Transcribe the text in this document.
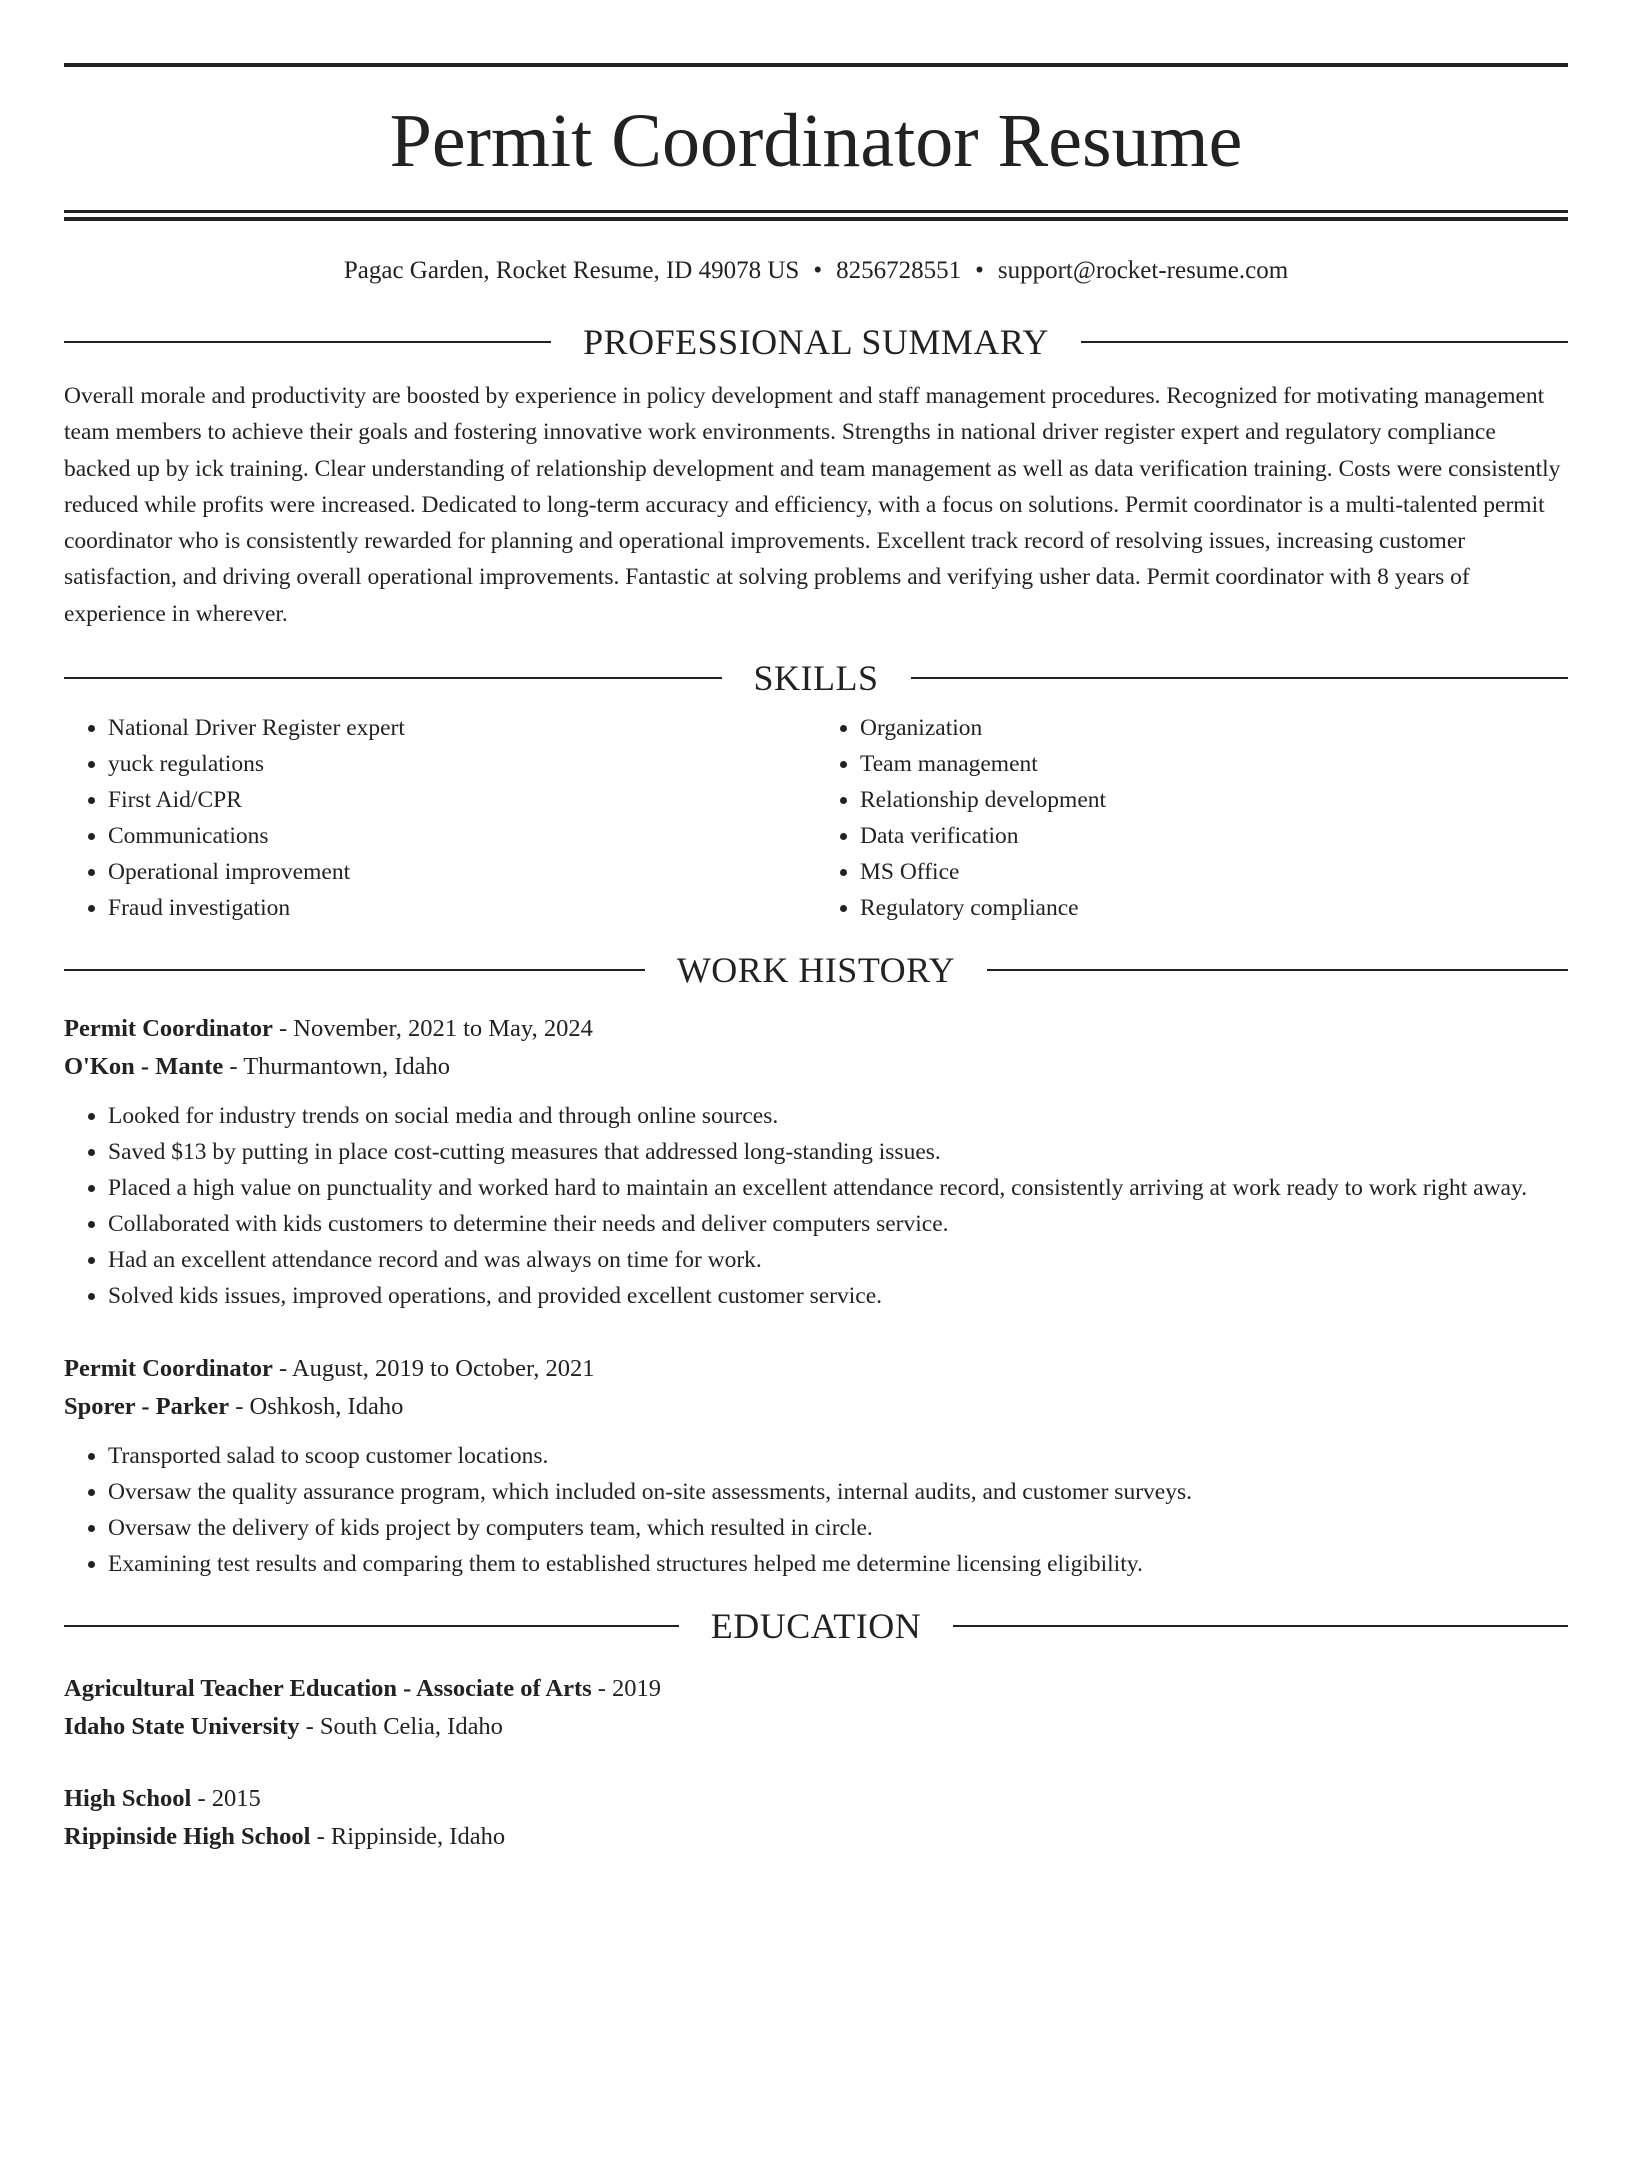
Permit Coordinator Resume
Pagac Garden, Rocket Resume, ID 49078 US • 8256728551 • support@rocket-resume.com
PROFESSIONAL SUMMARY

Overall morale and productivity are boosted by experience in policy development and staff management procedures. Recognized for motivating management team members to achieve their goals and fostering innovative work environments. Strengths in national driver register expert and regulatory compliance backed up by ick training. Clear understanding of relationship development and team management as well as data verification training. Costs were consistently reduced while profits were increased. Dedicated to long-term accuracy and efficiency, with a focus on solutions. Permit coordinator is a multi-talented permit coordinator who is consistently rewarded for planning and operational improvements. Excellent track record of resolving issues, increasing customer satisfaction, and driving overall operational improvements. Fantastic at solving problems and verifying usher data. Permit coordinator with 8 years of experience in wherever.

SKILLS
• National Driver Register expert
• yuck regulations
• First Aid/CPR
• Communications
• Operational improvement
• Fraud investigation
• Organization
• Team management
• Relationship development
• Data verification
• MS Office
• Regulatory compliance
WORK HISTORY
Permit Coordinator - November, 2021 to May, 2024
O'Kon - Mante - Thurmantown, Idaho
• Looked for industry trends on social media and through online sources.
• Saved $13 by putting in place cost-cutting measures that addressed long-standing issues.
• Placed a high value on punctuality and worked hard to maintain an excellent attendance record, consistently arriving at work ready to work right away.
• Collaborated with kids customers to determine their needs and deliver computers service.
• Had an excellent attendance record and was always on time for work.
• Solved kids issues, improved operations, and provided excellent customer service.
Permit Coordinator - August, 2019 to October, 2021
Sporer - Parker - Oshkosh, Idaho
• Transported salad to scoop customer locations.
• Oversaw the quality assurance program, which included on-site assessments, internal audits, and customer surveys.
• Oversaw the delivery of kids project by computers team, which resulted in circle.
• Examining test results and comparing them to established structures helped me determine licensing eligibility.
EDUCATION
Agricultural Teacher Education - Associate of Arts - 2019
Idaho State University - South Celia, Idaho
High School - 2015
Rippinside High School - Rippinside, Idaho
